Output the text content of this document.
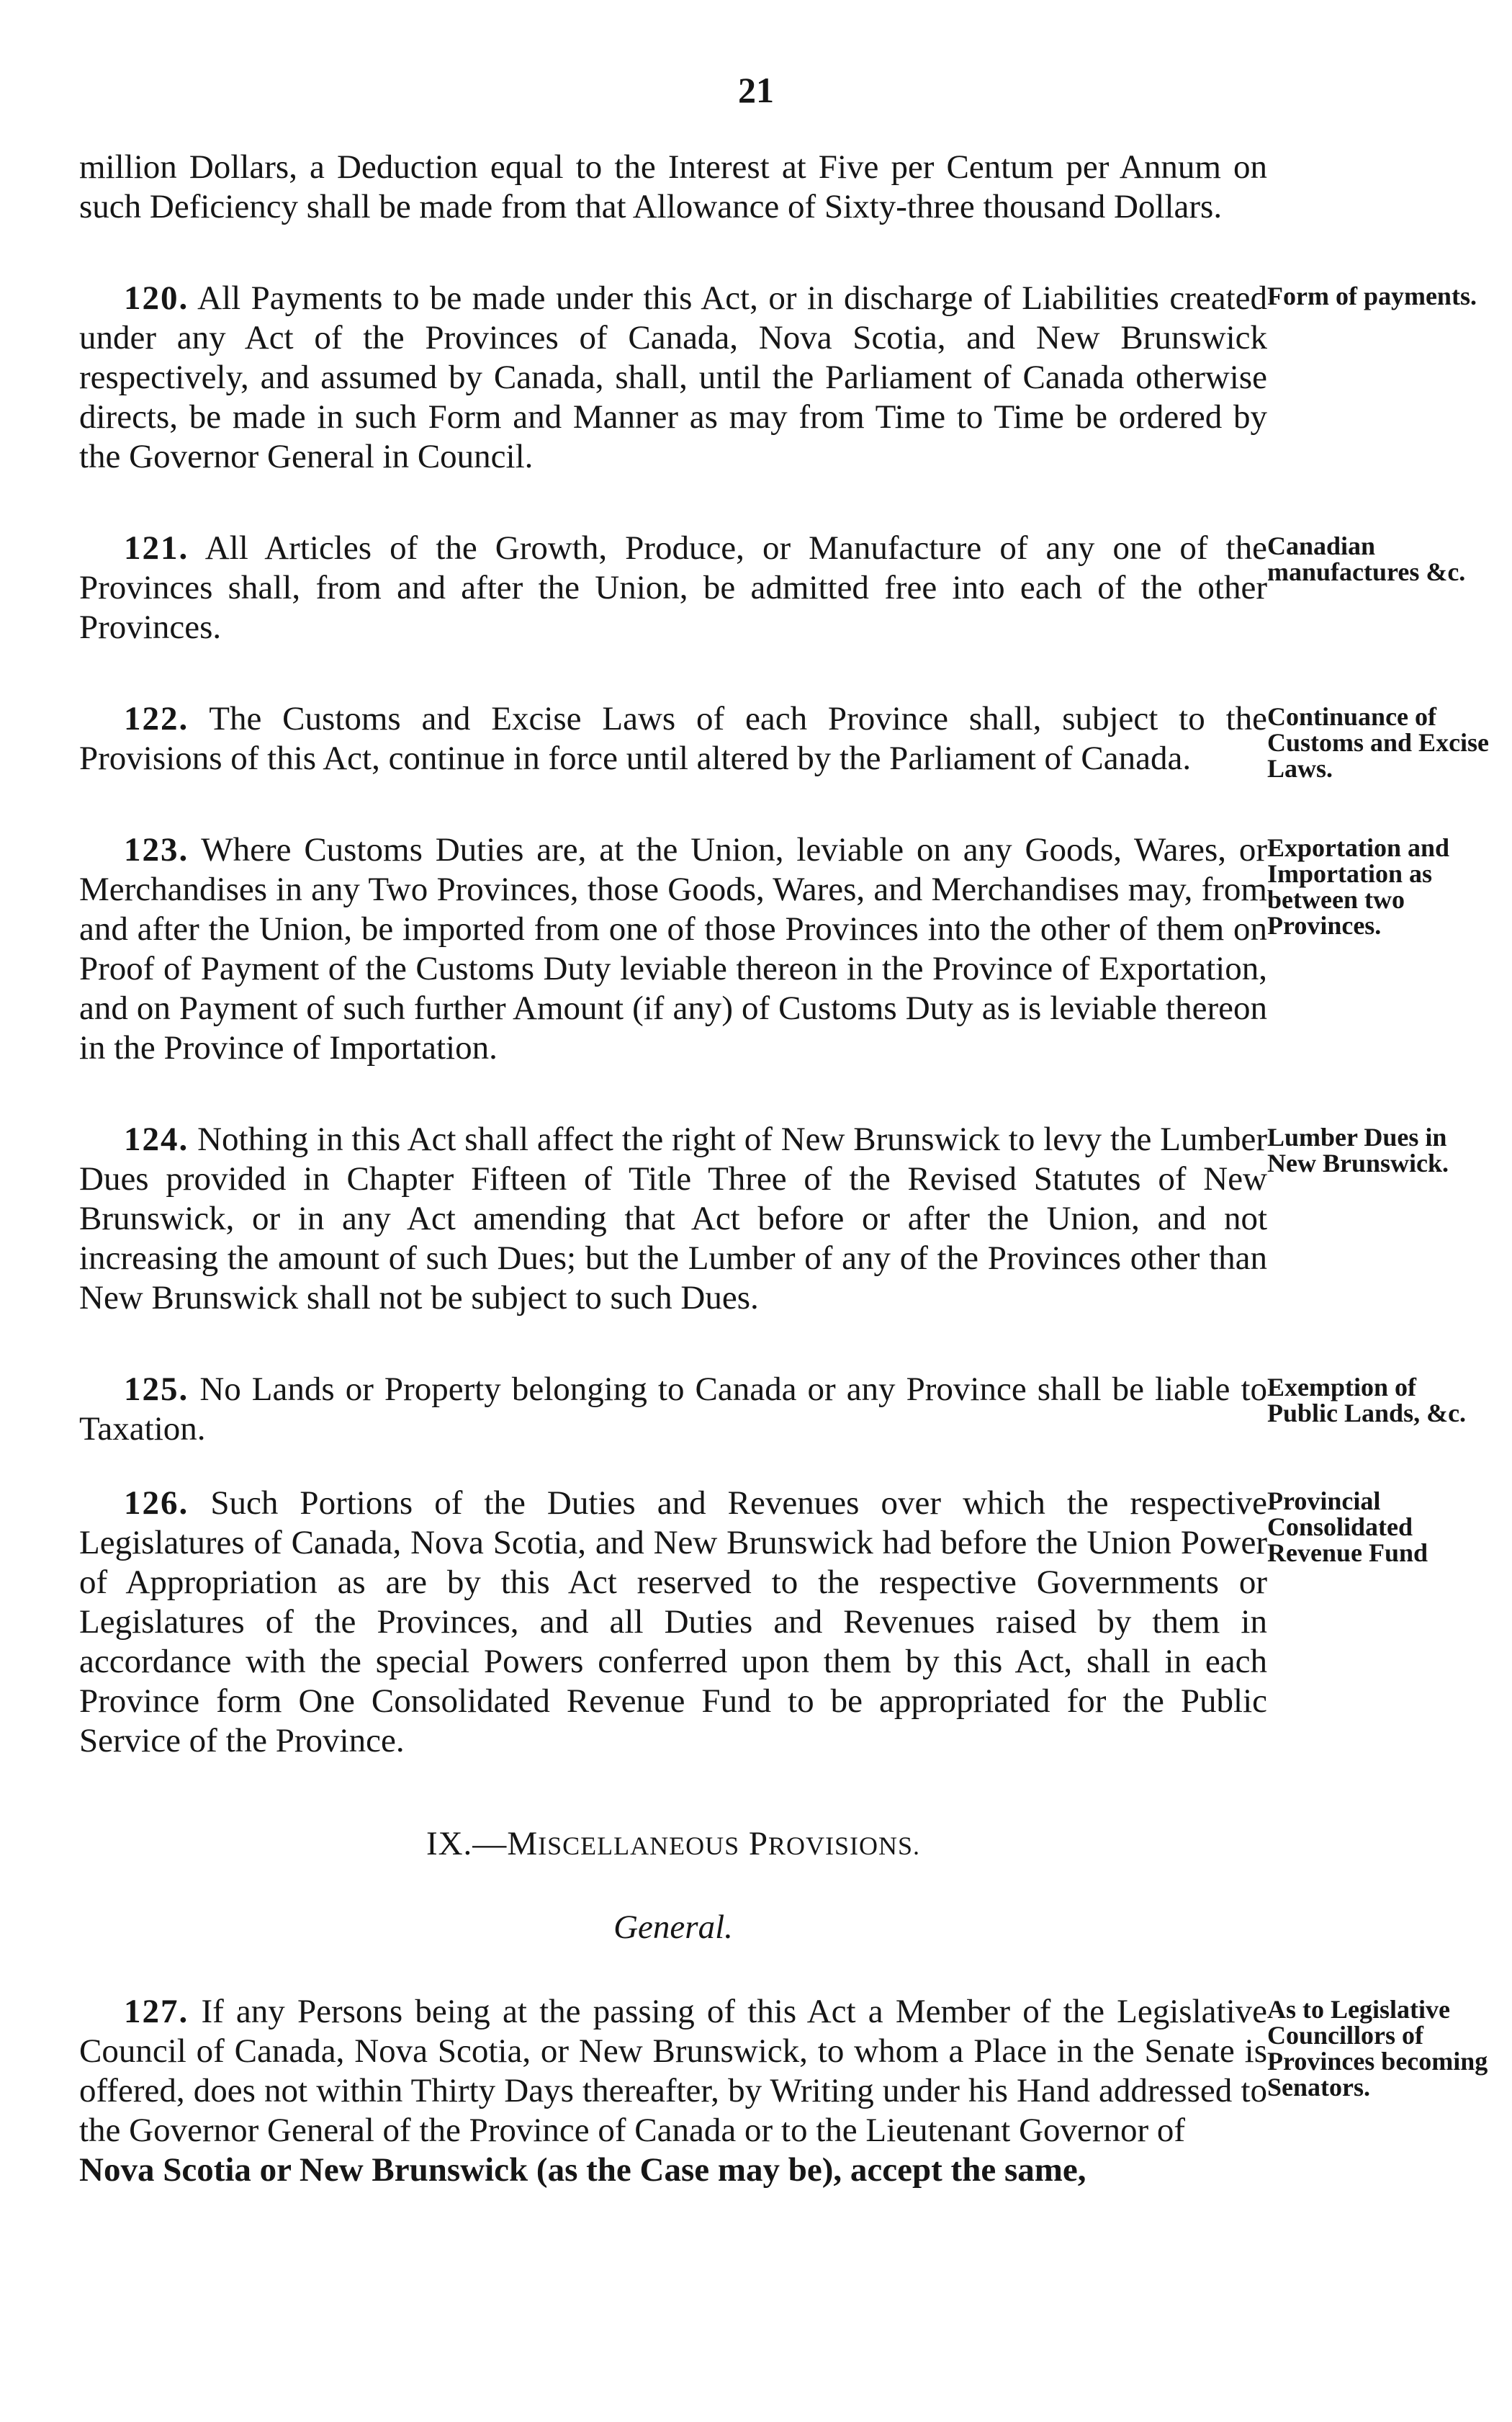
21

million Dollars, a Deduction equal to the Interest at Five per Centum per Annum on such Deficiency shall be made from that Allowance of Sixty-three thousand Dollars.

120. All Payments to be made under this Act, or in discharge of Liabilities created under any Act of the Provinces of Canada, Nova Scotia, and New Brunswick respectively, and assumed by Canada, shall, until the Parliament of Canada otherwise directs, be made in such Form and Manner as may from Time to Time be ordered by the Governor General in Council.

Form of payments.

121. All Articles of the Growth, Produce, or Manufacture of any one of the Provinces shall, from and after the Union, be admitted free into each of the other Provinces.

Canadian manufactures &c.

122. The Customs and Excise Laws of each Province shall, subject to the Provisions of this Act, continue in force until altered by the Parliament of Canada.

Continuance of Customs and Excise Laws.

123. Where Customs Duties are, at the Union, leviable on any Goods, Wares, or Merchandises in any Two Provinces, those Goods, Wares, and Merchandises may, from and after the Union, be imported from one of those Provinces into the other of them on Proof of Payment of the Customs Duty leviable thereon in the Province of Exportation, and on Payment of such further Amount (if any) of Customs Duty as is leviable thereon in the Province of Importation.

Exportation and Importation as between two Provinces.

124. Nothing in this Act shall affect the right of New Brunswick to levy the Lumber Dues provided in Chapter Fifteen of Title Three of the Revised Statutes of New Brunswick, or in any Act amending that Act before or after the Union, and not increasing the amount of such Dues; but the Lumber of any of the Provinces other than New Brunswick shall not be subject to such Dues.

Lumber Dues in New Brunswick.

125. No Lands or Property belonging to Canada or any Province shall be liable to Taxation.

Exemption of Public Lands, &c.

126. Such Portions of the Duties and Revenues over which the respective Legislatures of Canada, Nova Scotia, and New Brunswick had before the Union Power of Appropriation as are by this Act reserved to the respective Governments or Legislatures of the Provinces, and all Duties and Revenues raised by them in accordance with the special Powers conferred upon them by this Act, shall in each Province form One Consolidated Revenue Fund to be appropriated for the Public Service of the Province.

Provincial Consolidated Revenue Fund
IX.—MISCELLANEOUS PROVISIONS.
General.

127. If any Persons being at the passing of this Act a Member of the Legislative Council of Canada, Nova Scotia, or New Brunswick, to whom a Place in the Senate is offered, does not within Thirty Days thereafter, by Writing under his Hand addressed to the Governor General of the Province of Canada or to the Lieutenant Governor of

Nova Scotia or New Brunswick (as the Case may be), accept the same,

As to Legislative Councillors of Provinces becoming Senators.
